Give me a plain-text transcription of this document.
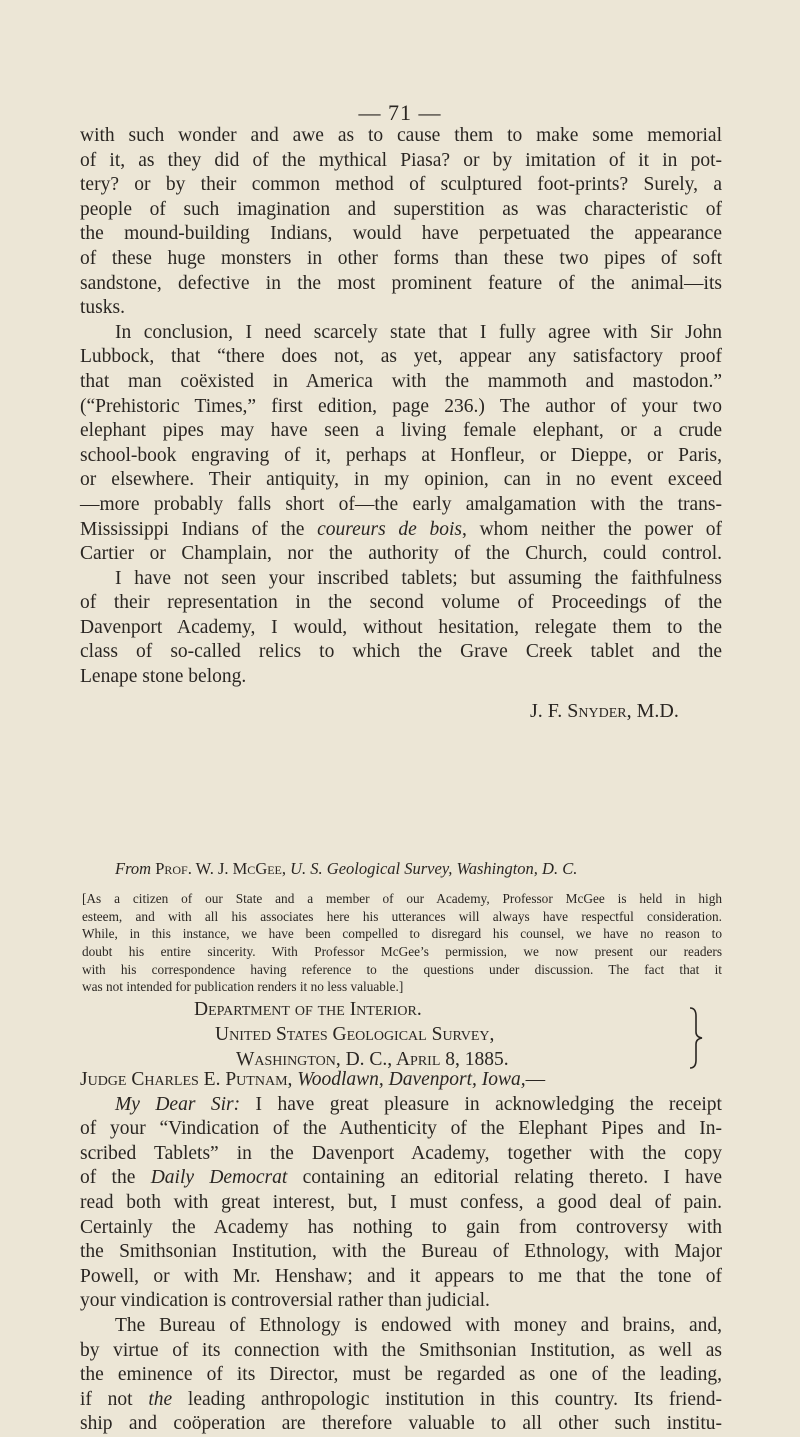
— 71 —
with such wonder and awe as to cause them to make some memorial
of it, as they did of the mythical Piasa? or by imitation of it in pot-
tery? or by their common method of sculptured foot-prints? Surely, a
people of such imagination and superstition as was characteristic of
the mound-building Indians, would have perpetuated the appearance
of these huge monsters in other forms than these two pipes of soft
sandstone, defective in the most prominent feature of the animal—its
tusks.
In conclusion, I need scarcely state that I fully agree with Sir John
Lubbock, that “there does not, as yet, appear any satisfactory proof
that man coëxisted in America with the mammoth and mastodon.”
(“Prehistoric Times,” first edition, page 236.) The author of your two
elephant pipes may have seen a living female elephant, or a crude
school-book engraving of it, perhaps at Honfleur, or Dieppe, or Paris,
or elsewhere. Their antiquity, in my opinion, can in no event exceed
—more probably falls short of—the early amalgamation with the trans-
Mississippi Indians of the coureurs de bois, whom neither the power of
Cartier or Champlain, nor the authority of the Church, could control.
I have not seen your inscribed tablets; but assuming the faithfulness
of their representation in the second volume of Proceedings of the
Davenport Academy, I would, without hesitation, relegate them to the
class of so-called relics to which the Grave Creek tablet and the
Lenape stone belong.
J. F. Snyder, M.D.
From Prof. W. J. McGee, U. S. Geological Survey, Washington, D. C.
[As a citizen of our State and a member of our Academy, Professor McGee is held in high
esteem, and with all his associates here his utterances will always have respectful consideration.
While, in this instance, we have been compelled to disregard his counsel, we have no reason to
doubt his entire sincerity. With Professor McGee’s permission, we now present our readers
with his correspondence having reference to the questions under discussion. The fact that it
was not intended for publication renders it no less valuable.]
Department of the Interior.
United States Geological Survey,
Washington, D. C., April 8, 1885.
Judge Charles E. Putnam, Woodlawn, Davenport, Iowa,—
My Dear Sir: I have great pleasure in acknowledging the receipt
of your “Vindication of the Authenticity of the Elephant Pipes and In-
scribed Tablets” in the Davenport Academy, together with the copy
of the Daily Democrat containing an editorial relating thereto. I have
read both with great interest, but, I must confess, a good deal of pain.
Certainly the Academy has nothing to gain from controversy with
the Smithsonian Institution, with the Bureau of Ethnology, with Major
Powell, or with Mr. Henshaw; and it appears to me that the tone of
your vindication is controversial rather than judicial.
The Bureau of Ethnology is endowed with money and brains, and,
by virtue of its connection with the Smithsonian Institution, as well as
the eminence of its Director, must be regarded as one of the leading,
if not the leading anthropologic institution in this country. Its friend-
ship and coöperation are therefore valuable to all other such institu-
